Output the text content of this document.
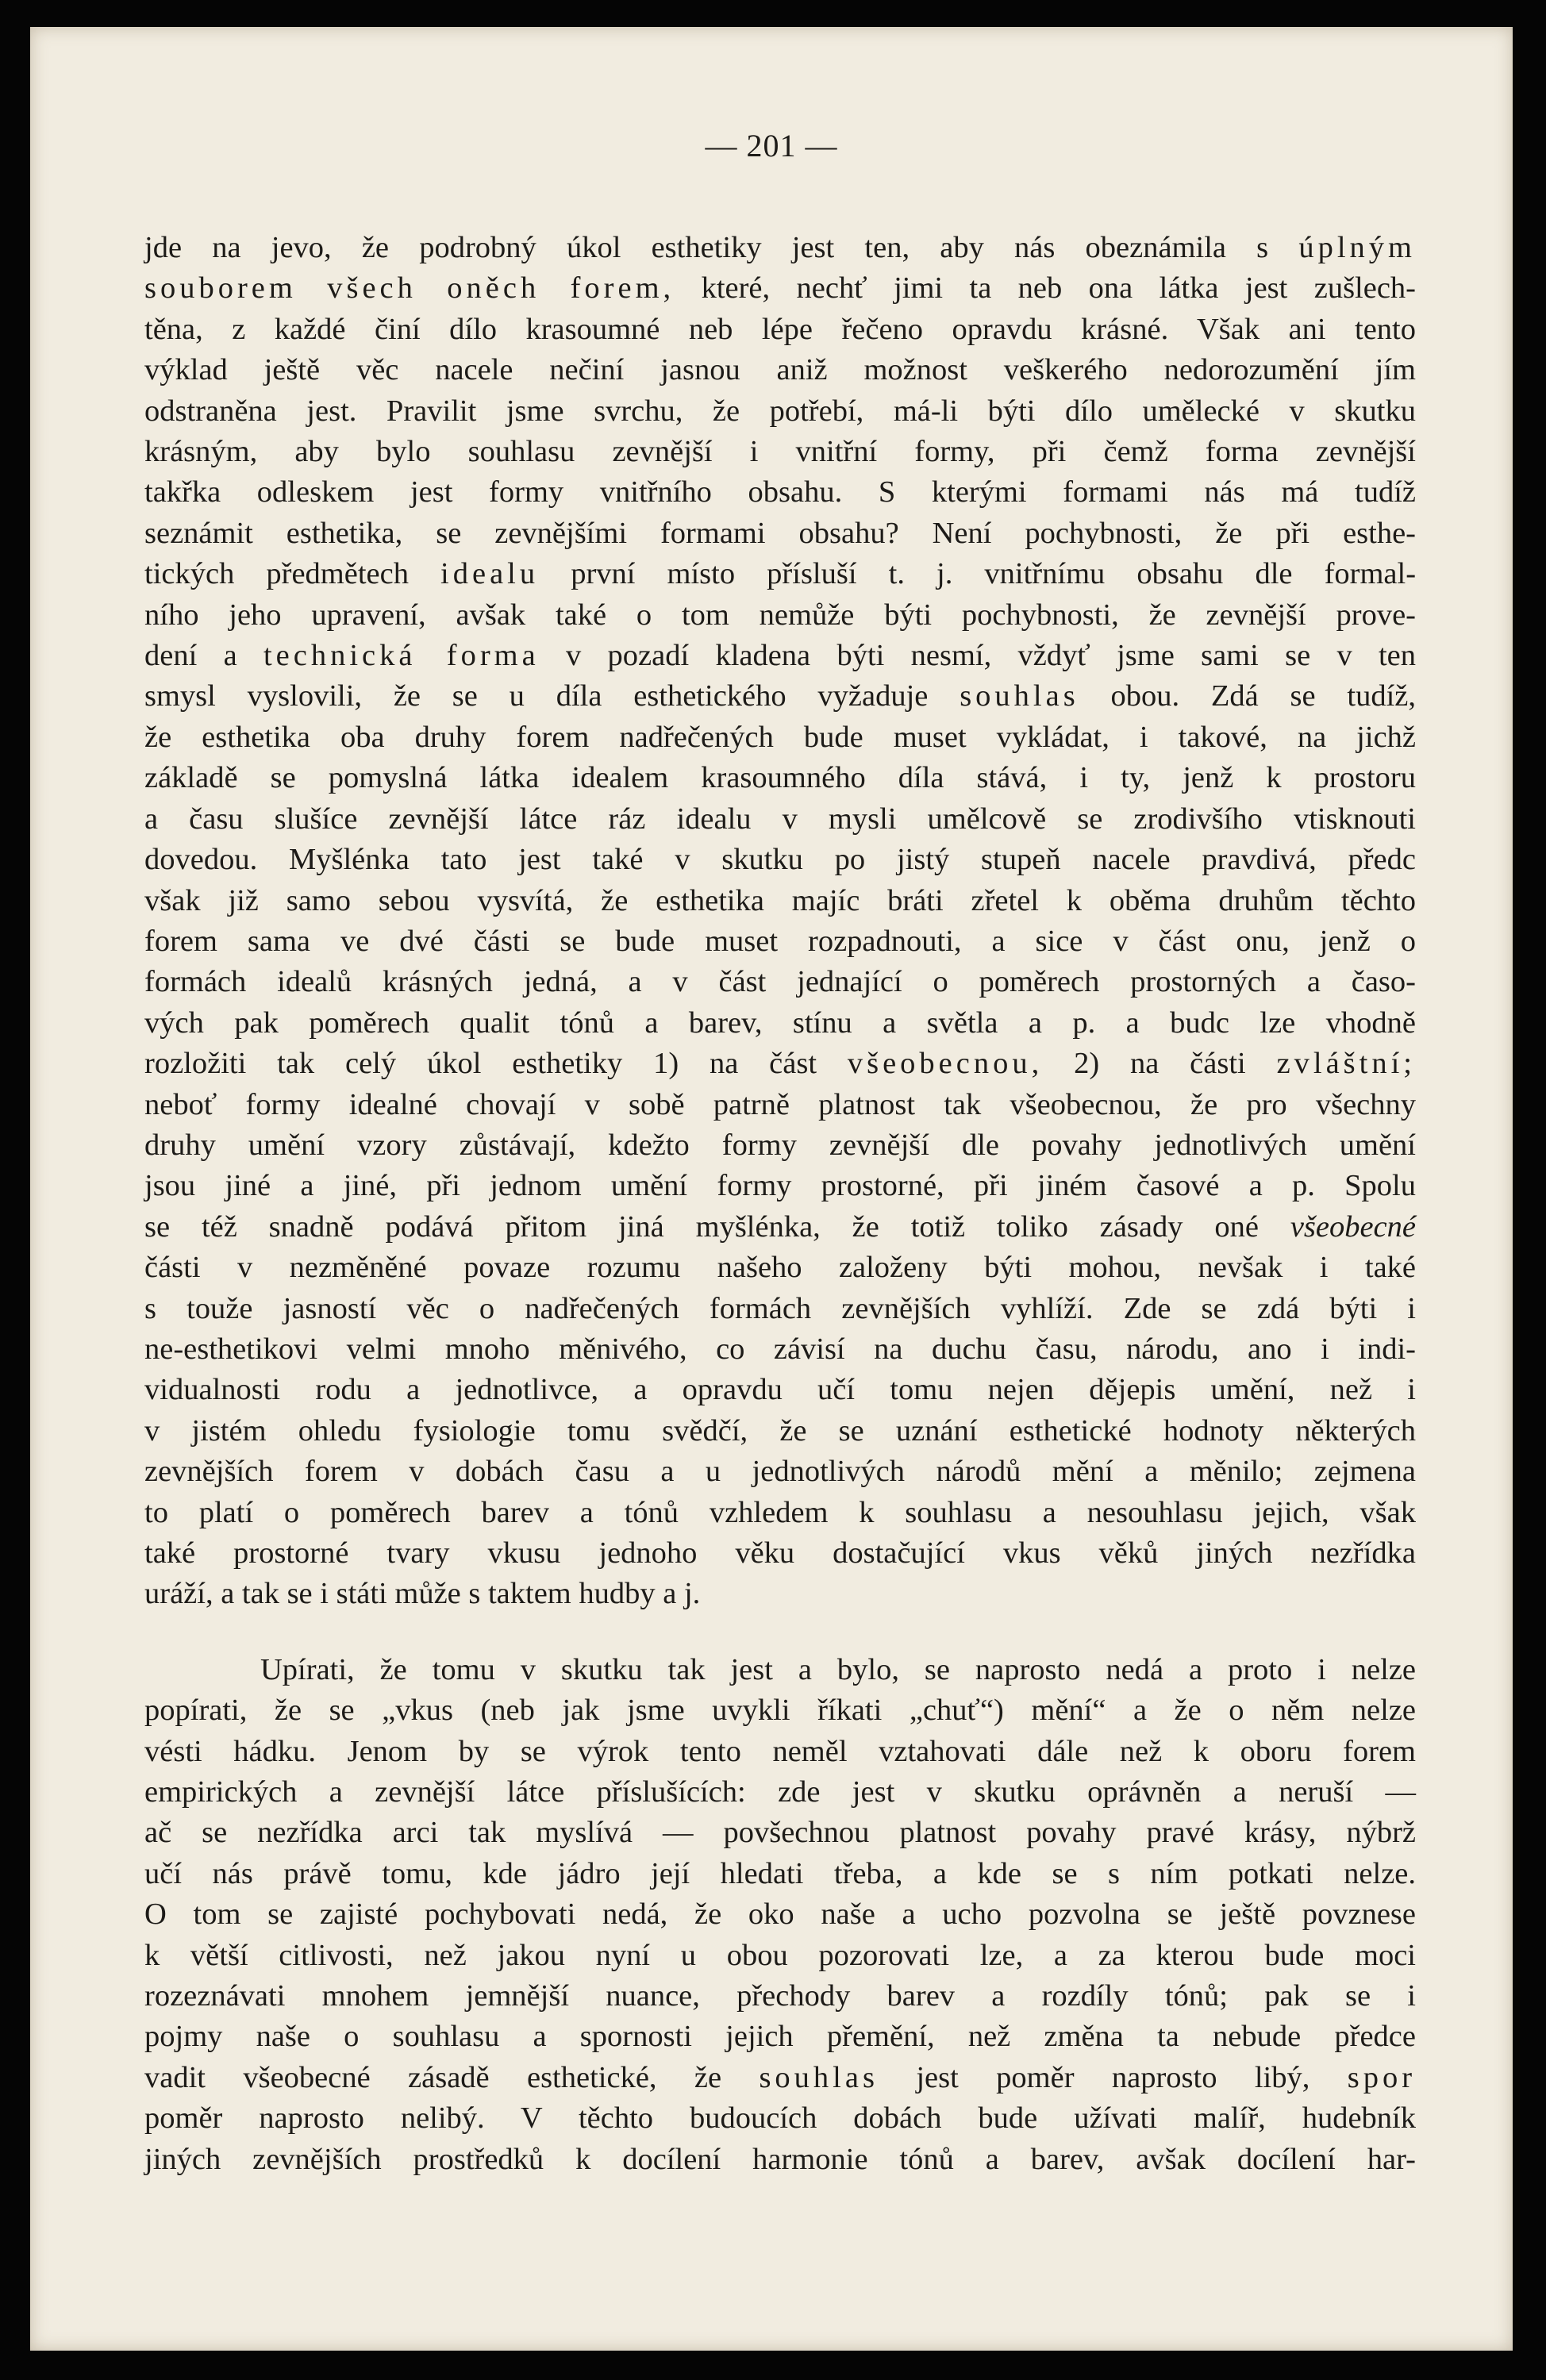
— 201 —

jde na jevo, že podrobný úkol esthetiky jest ten, aby nás obeznámila s úplným

souborem všech oněch forem, které, nechť jimi ta neb ona látka jest zušlech-

těna, z každé činí dílo krasoumné neb lépe řečeno opravdu krásné. Však ani tento

výklad ještě věc nacele nečiní jasnou aniž možnost veškerého nedorozumění jím

odstraněna jest. Pravilit jsme svrchu, že potřebí, má-li býti dílo umělecké v skutku

krásným, aby bylo souhlasu zevnější i vnitřní formy, při čemž forma zevnější

takřka odleskem jest formy vnitřního obsahu. S kterými formami nás má tudíž

seznámit esthetika, se zevnějšími formami obsahu? Není pochybnosti, že při esthe-

tických předmětech idealu první místo přísluší t. j. vnitřnímu obsahu dle formal-

ního jeho upravení, avšak také o tom nemůže býti pochybnosti, že zevnější prove-

dení a technická forma v pozadí kladena býti nesmí, vždyť jsme sami se v ten

smysl vyslovili, že se u díla esthetického vyžaduje souhlas obou. Zdá se tudíž,

že esthetika oba druhy forem nadřečených bude muset vykládat, i takové, na jichž

základě se pomyslná látka idealem krasoumného díla stává, i ty, jenž k prostoru

a času slušíce zevnější látce ráz idealu v mysli umělcově se zrodivšího vtisknouti

dovedou. Myšlénka tato jest také v skutku po jistý stupeň nacele pravdivá, předc

však již samo sebou vysvítá, že esthetika majíc bráti zřetel k oběma druhům těchto

forem sama ve dvé části se bude muset rozpadnouti, a sice v část onu, jenž o

formách idealů krásných jedná, a v část jednající o poměrech prostorných a časo-

vých pak poměrech qualit tónů a barev, stínu a světla a p. a budc lze vhodně

rozložiti tak celý úkol esthetiky 1) na část všeobecnou, 2) na části zvláštní;

neboť formy idealné chovají v sobě patrně platnost tak všeobecnou, že pro všechny

druhy umění vzory zůstávají, kdežto formy zevnější dle povahy jednotlivých umění

jsou jiné a jiné, při jednom umění formy prostorné, při jiném časové a p. Spolu

se též snadně podává přitom jiná myšlénka, že totiž toliko zásady oné všeobecné

části v nezměněné povaze rozumu našeho založeny býti mohou, nevšak i také

s touže jasností věc o nadřečených formách zevnějších vyhlíží. Zde se zdá býti i

ne-esthetikovi velmi mnoho měnivého, co závisí na duchu času, národu, ano i indi-

vidualnosti rodu a jednotlivce, a opravdu učí tomu nejen dějepis umění, než i

v jistém ohledu fysiologie tomu svědčí, že se uznání esthetické hodnoty některých

zevnějších forem v dobách času a u jednotlivých národů mění a měnilo; zejmena

to platí o poměrech barev a tónů vzhledem k souhlasu a nesouhlasu jejich, však

také prostorné tvary vkusu jednoho věku dostačující vkus věků jiných nezřídka

uráží, a tak se i státi může s taktem hudby a j.

Upírati, že tomu v skutku tak jest a bylo, se naprosto nedá a proto i nelze

popírati, že se „vkus (neb jak jsme uvykli říkati „chuť“) mění“ a že o něm nelze

vésti hádku. Jenom by se výrok tento neměl vztahovati dále než k oboru forem

empirických a zevnější látce příslušících: zde jest v skutku oprávněn a neruší —

ač se nezřídka arci tak myslívá — povšechnou platnost povahy pravé krásy, nýbrž

učí nás právě tomu, kde jádro její hledati třeba, a kde se s ním potkati nelze.

O tom se zajisté pochybovati nedá, že oko naše a ucho pozvolna se ještě povznese

k větší citlivosti, než jakou nyní u obou pozorovati lze, a za kterou bude moci

rozeznávati mnohem jemnější nuance, přechody barev a rozdíly tónů; pak se i

pojmy naše o souhlasu a spornosti jejich přemění, než změna ta nebude předce

vadit všeobecné zásadě esthetické, že souhlas jest poměr naprosto libý, spor

poměr naprosto nelibý. V těchto budoucích dobách bude užívati malíř, hudebník

jiných zevnějších prostředků k docílení harmonie tónů a barev, avšak docílení har-
